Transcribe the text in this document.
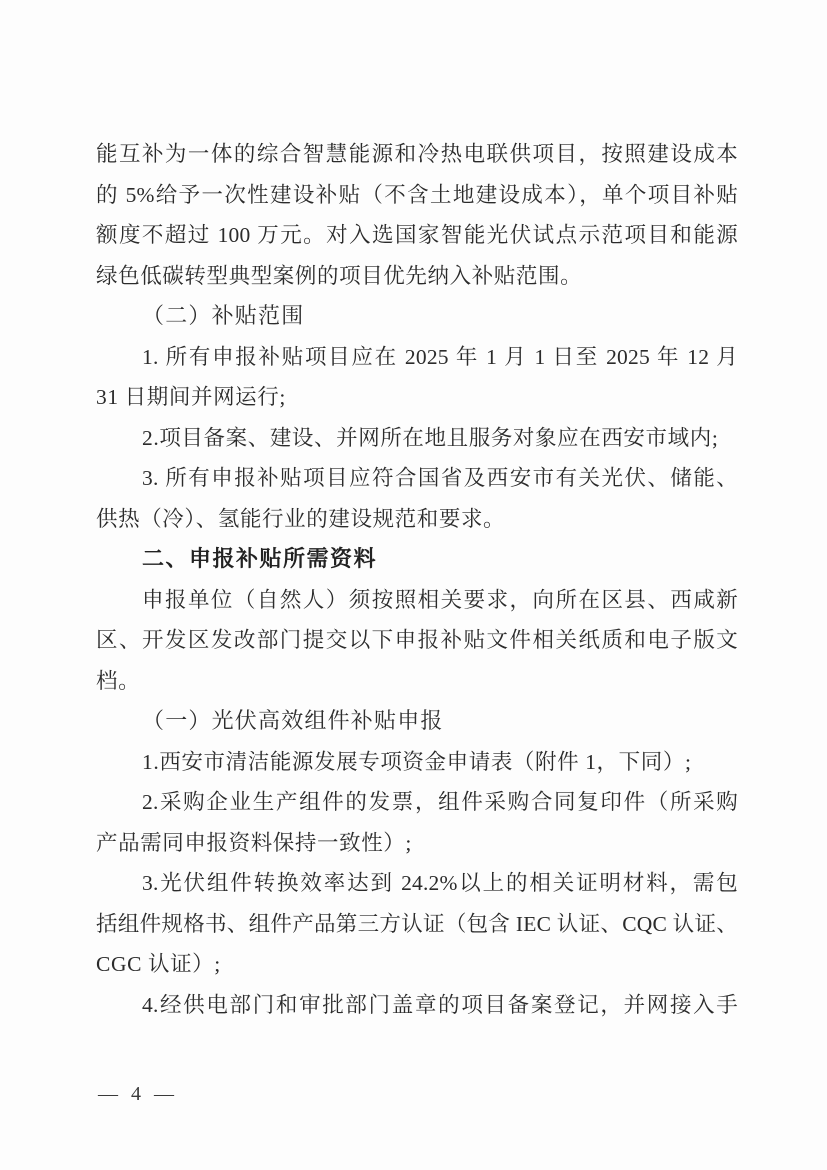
能互补为一体的综合智慧能源和冷热电联供项目，按照建设成本
的 5%给予一次性建设补贴（不含土地建设成本），单个项目补贴
额度不超过 100 万元。对入选国家智能光伏试点示范项目和能源
绿色低碳转型典型案例的项目优先纳入补贴范围。
（二）补贴范围
1. 所有申报补贴项目应在 2025 年 1 月 1 日至 2025 年 12 月
31 日期间并网运行;
2.项目备案、建设、并网所在地且服务对象应在西安市域内;
3. 所有申报补贴项目应符合国省及西安市有关光伏、储能、
供热（冷）、氢能行业的建设规范和要求。
二、申报补贴所需资料
申报单位（自然人）须按照相关要求，向所在区县、西咸新
区、开发区发改部门提交以下申报补贴文件相关纸质和电子版文
档。
（一）光伏高效组件补贴申报
1.西安市清洁能源发展专项资金申请表（附件 1，下同）;
2.采购企业生产组件的发票，组件采购合同复印件（所采购
产品需同申报资料保持一致性）;
3.光伏组件转换效率达到 24.2%以上的相关证明材料，需包
括组件规格书、组件产品第三方认证（包含 IEC 认证、CQC 认证、
CGC 认证）;
4.经供电部门和审批部门盖章的项目备案登记，并网接入手
— 4 —
